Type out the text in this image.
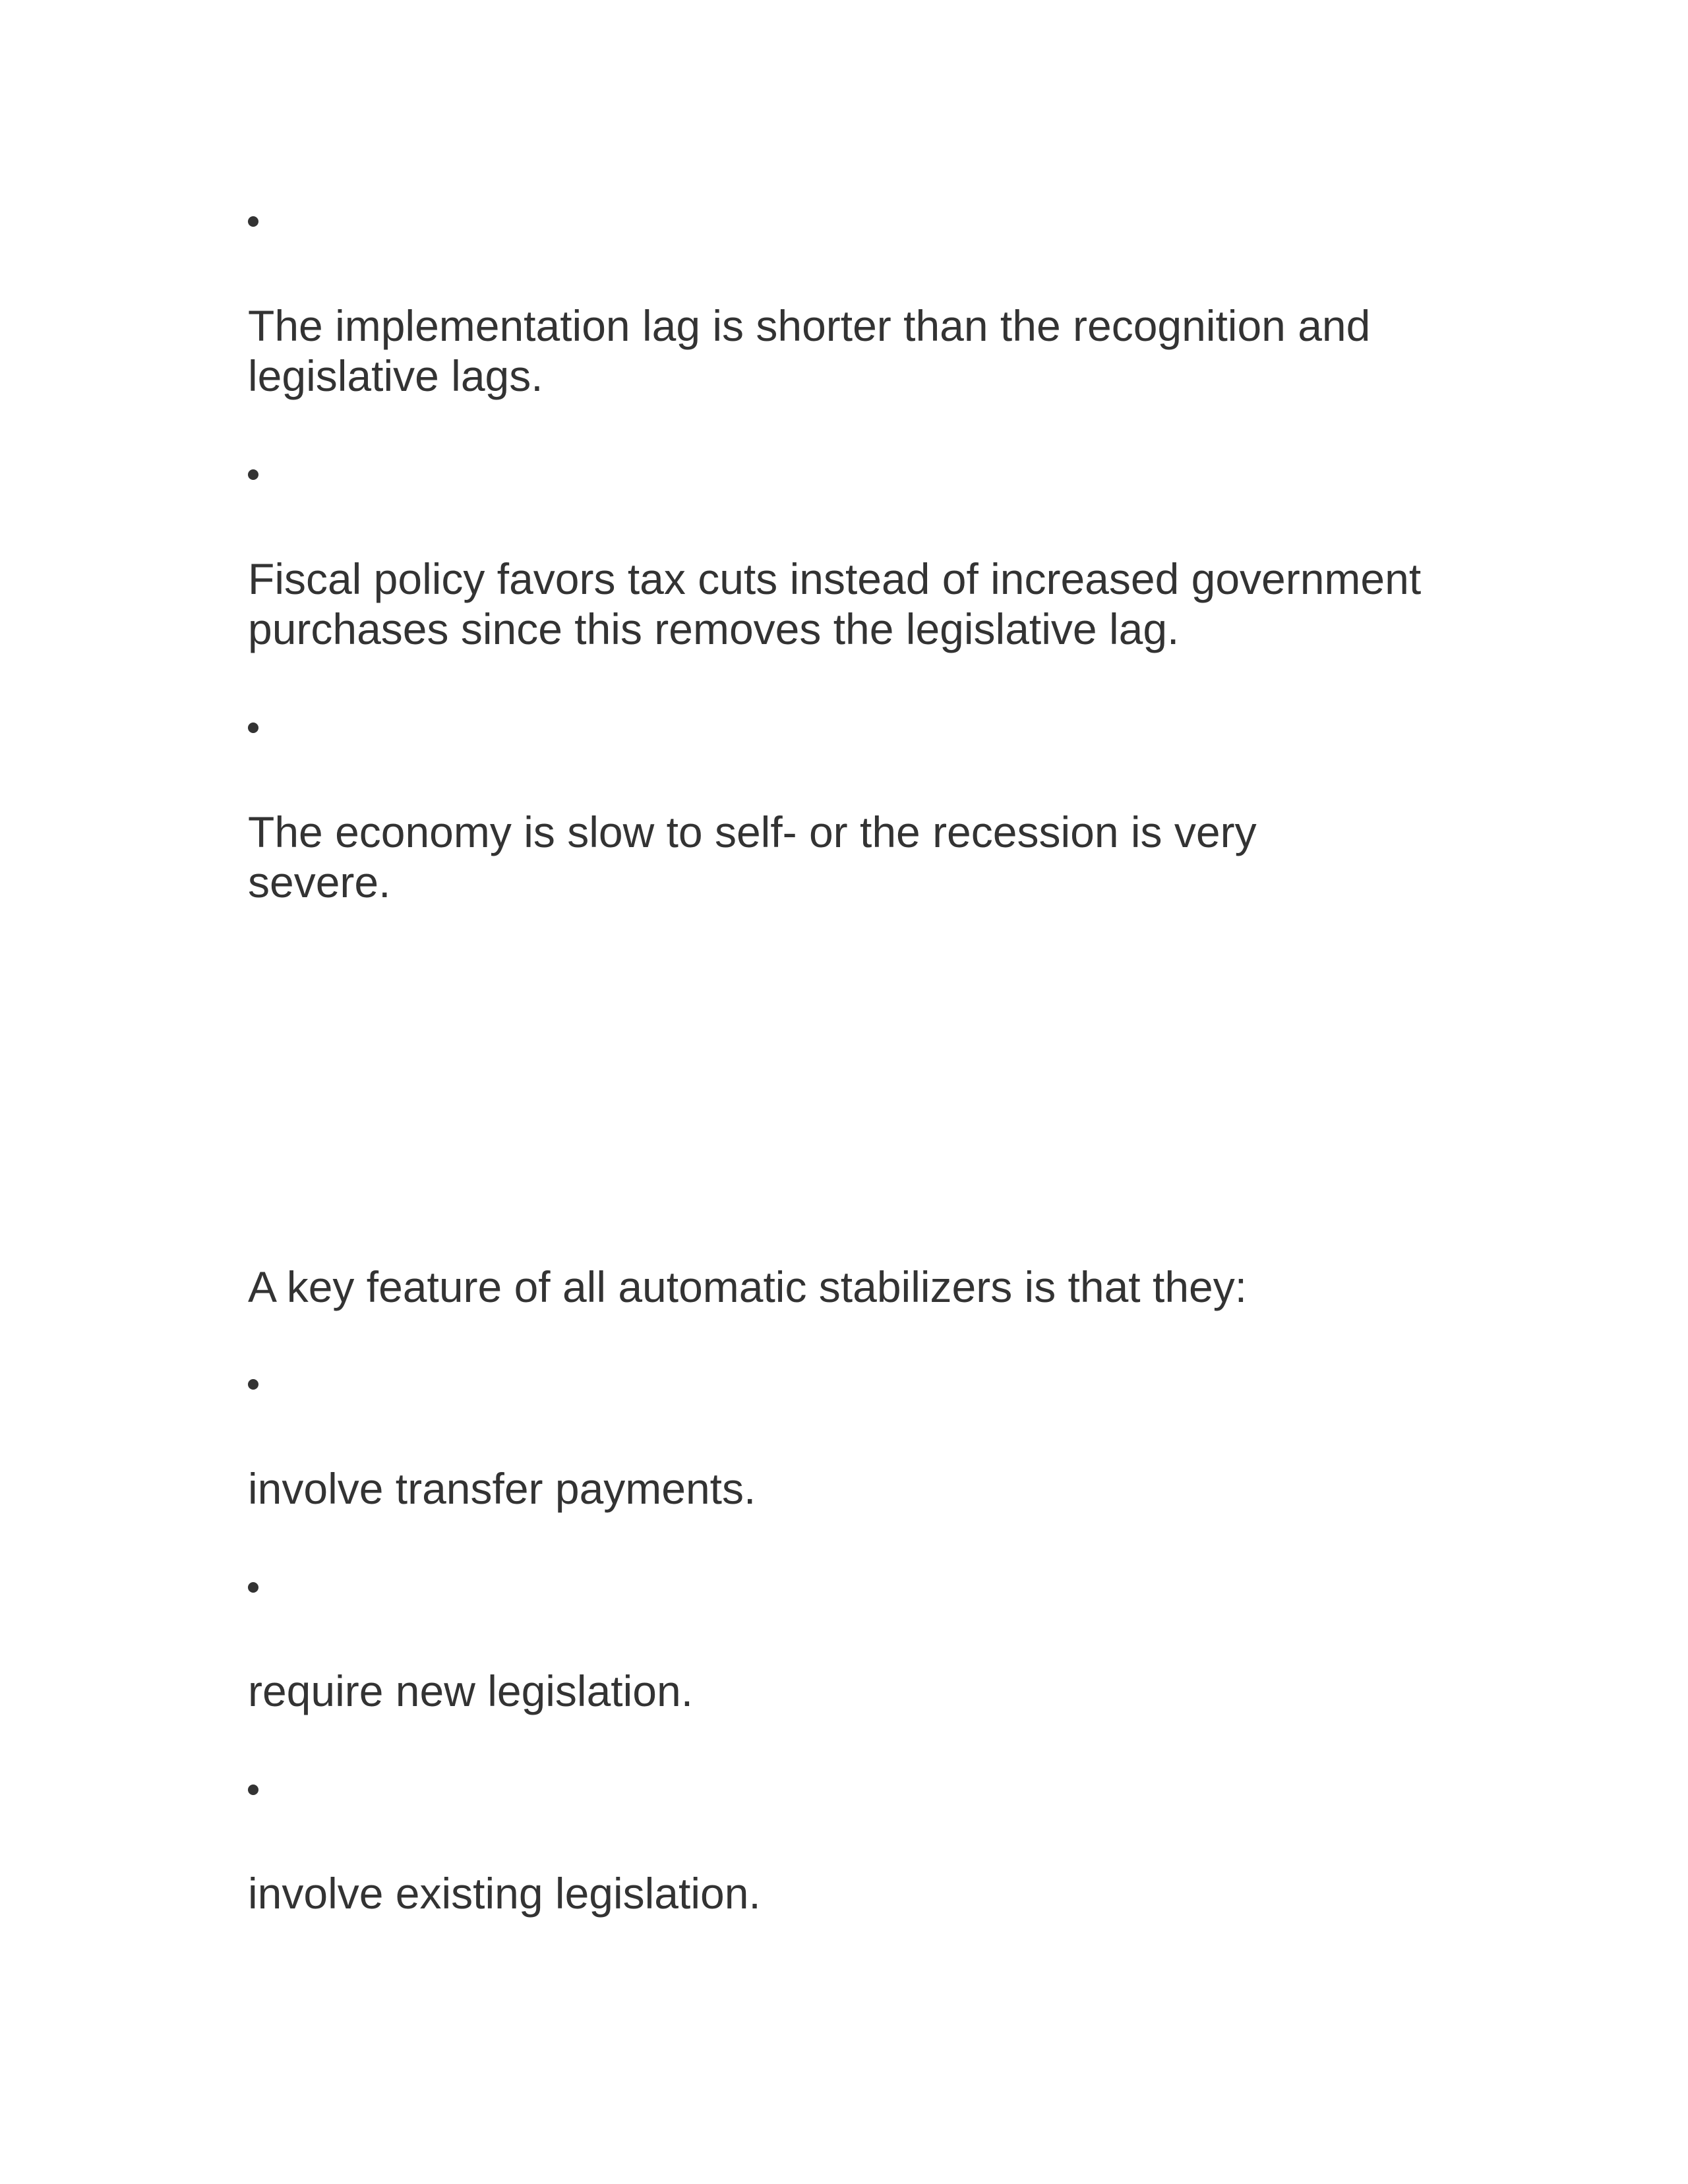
The implementation lag is shorter than the recognition and
legislative lags.

Fiscal policy favors tax cuts instead of increased government
purchases since this removes the legislative lag.

The economy is slow to self- or the recession is very
severe.

A key feature of all automatic stabilizers is that they:

involve transfer payments.

require new legislation.

involve existing legislation.
